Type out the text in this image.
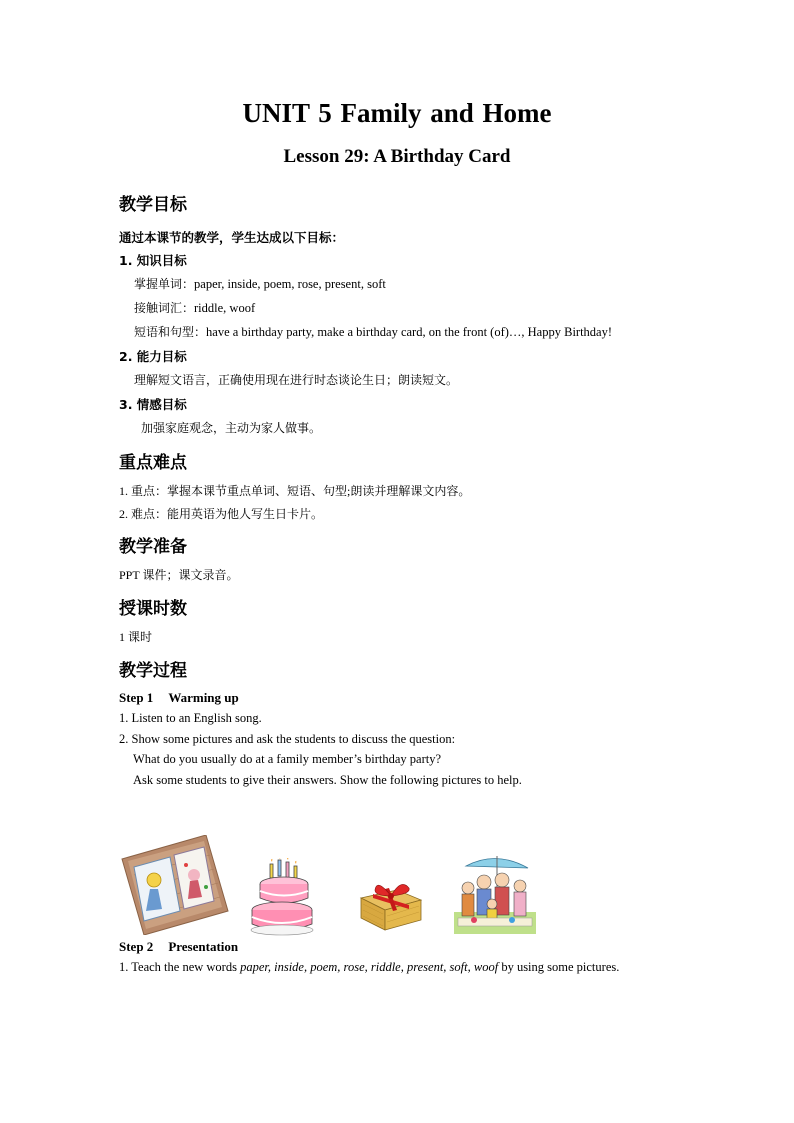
UNIT 5 Family and Home
Lesson 29: A Birthday Card
教学目标
通过本课节的教学，学生达成以下目标：
1. 知识目标
掌握单词：paper, inside, poem, rose, present, soft
接触词汇：riddle, woof
短语和句型：have a birthday party, make a birthday card, on the front (of)…, Happy Birthday!
2. 能力目标
理解短文语言，正确使用现在进行时态谈论生日；朗读短文。
3. 情感目标
加强家庭观念，主动为家人做事。
重点难点
1. 重点：掌握本课节重点单词、短语、句型;朗读并理解课文内容。
2. 难点：能用英语为他人写生日卡片。
教学准备
PPT 课件；课文录音。
授课时数
1 课时
教学过程
Step 1 Warming up
1. Listen to an English song.
2. Show some pictures and ask the students to discuss the question:
What do you usually do at a family member’s birthday party?
Ask some students to give their answers. Show the following pictures to help.
Step 2 Presentation
1. Teach the new words paper, inside, poem, rose, riddle, present, soft, woof by using some pictures.
